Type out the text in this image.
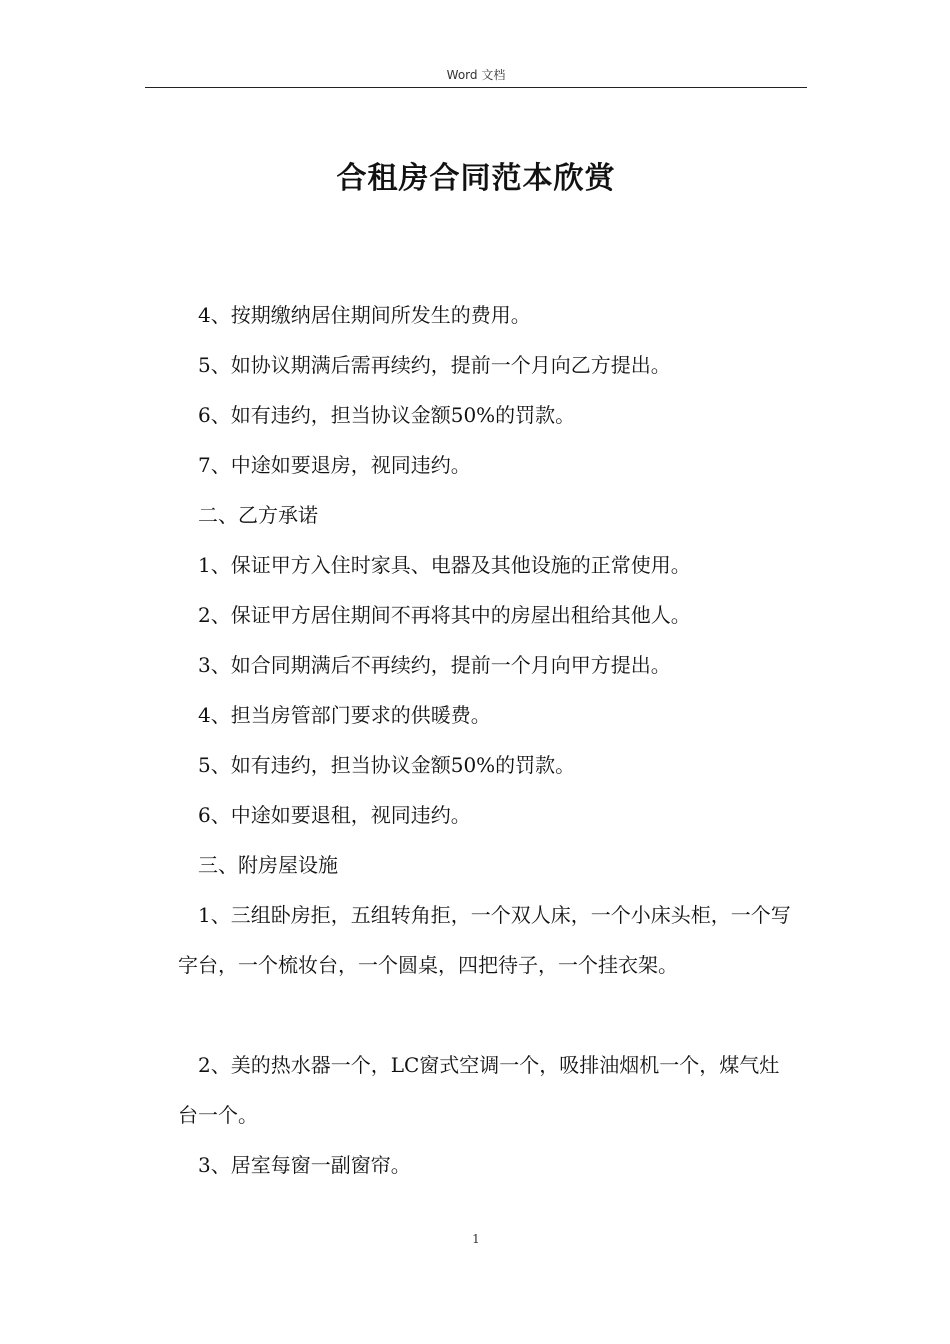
Word 文档
合租房合同范本欣赏

4、按期缴纳居住期间所发生的费用。

5、如协议期满后需再续约，提前一个月向乙方提出。

6、如有违约，担当协议金额50%的罚款。

7、中途如要退房，视同违约。

二、乙方承诺

1、保证甲方入住时家具、电器及其他设施的正常使用。

2、保证甲方居住期间不再将其中的房屋出租给其他人。

3、如合同期满后不再续约，提前一个月向甲方提出。

4、担当房管部门要求的供暖费。

5、如有违约，担当协议金额50%的罚款。

6、中途如要退租，视同违约。

三、附房屋设施

1、三组卧房拒，五组转角拒，一个双人床，一个小床头柜，一个写字台，一个梳妆台，一个圆桌，四把待子，一个挂衣架。

2、美的热水器一个，LC窗式空调一个，吸排油烟机一个，煤气灶台一个。

3、居室每窗一副窗帘。

1
